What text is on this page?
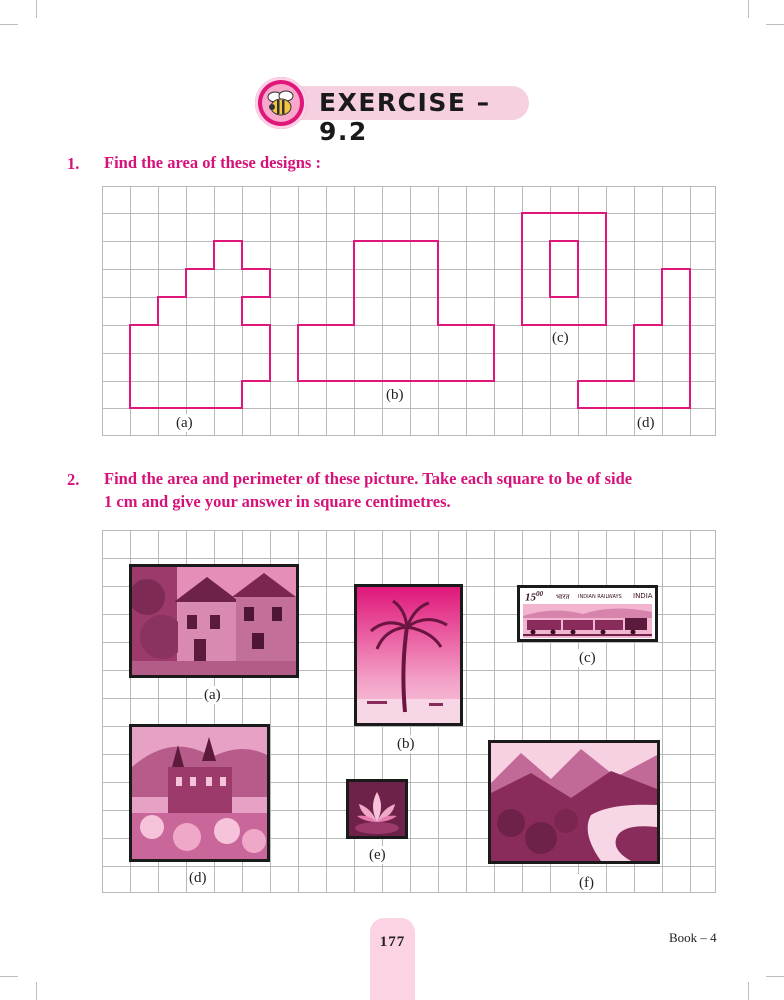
EXERCISE – 9.2
1. Find the area of these designs :
(a)
(b)
(c)
(d)
2. Find the area and perimeter of these picture. Take each square to be of side
1 cm and give your answer in square centimetres.
$15^{00}$ भारत INDIAN RAILWAYS INDIA
(a)
(b)
(c)
(d)
(e)
(f)
177	Book – 4
